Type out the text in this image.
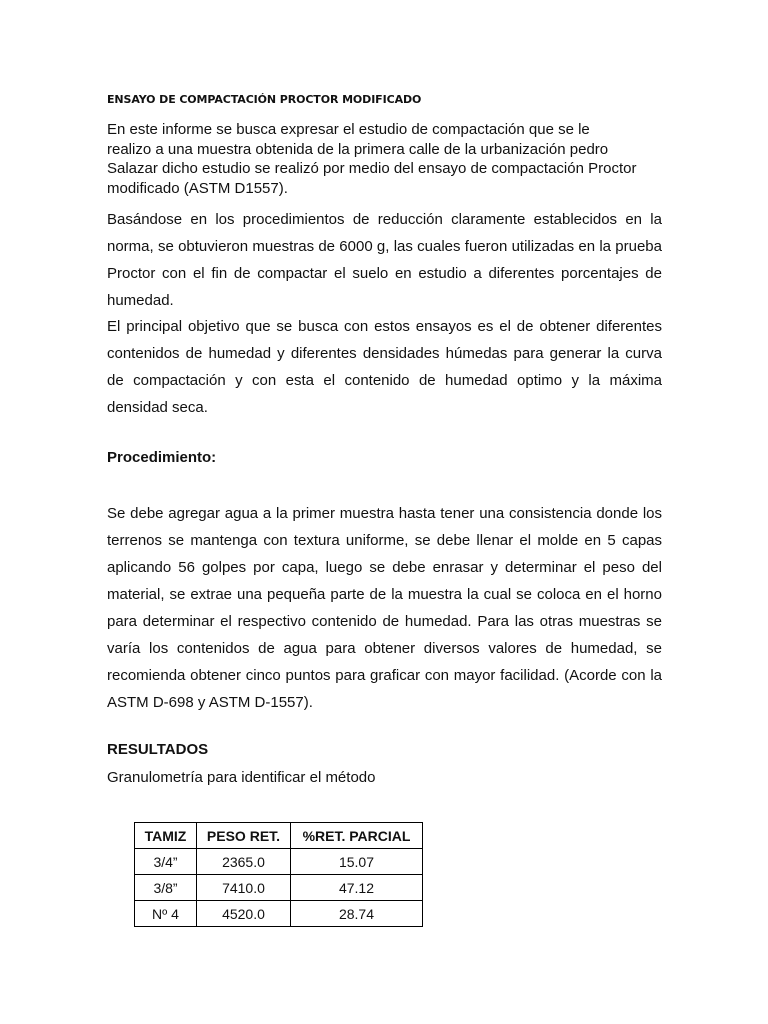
ENSAYO DE COMPACTACIÓN PROCTOR MODIFICADO

En este informe se busca expresar el estudio de compactación que se le realizo a una muestra obtenida de la primera calle de la urbanización pedro Salazar dicho estudio se realizó por medio del ensayo de compactación Proctor modificado (ASTM D1557).

Basándose en los procedimientos de reducción claramente establecidos en la norma, se obtuvieron muestras de 6000 g, las cuales fueron utilizadas en la prueba Proctor con el fin de compactar el suelo en estudio a diferentes porcentajes de humedad.

El principal objetivo que se busca con estos ensayos es el de obtener diferentes contenidos de humedad y diferentes densidades húmedas para generar la curva de compactación y con esta el contenido de humedad optimo y la máxima densidad seca.

Procedimiento:

Se debe agregar agua a la primer muestra hasta tener una consistencia donde los terrenos se mantenga con textura uniforme, se debe llenar el molde en 5 capas aplicando 56 golpes por capa, luego se debe enrasar y determinar el peso del material, se extrae una pequeña parte de la muestra la cual se coloca en el horno para determinar el respectivo contenido de humedad. Para las otras muestras se varía los contenidos de agua para obtener diversos valores de humedad, se recomienda obtener cinco puntos para graficar con mayor facilidad. (Acorde con la ASTM D-698 y ASTM D-1557).

RESULTADOS
Granulometría para identificar el método
TAMIZ	PESO RET.	%RET. PARCIAL
3/4”	2365.0	15.07
3/8”	7410.0	47.12
Nº 4	4520.0	28.74
